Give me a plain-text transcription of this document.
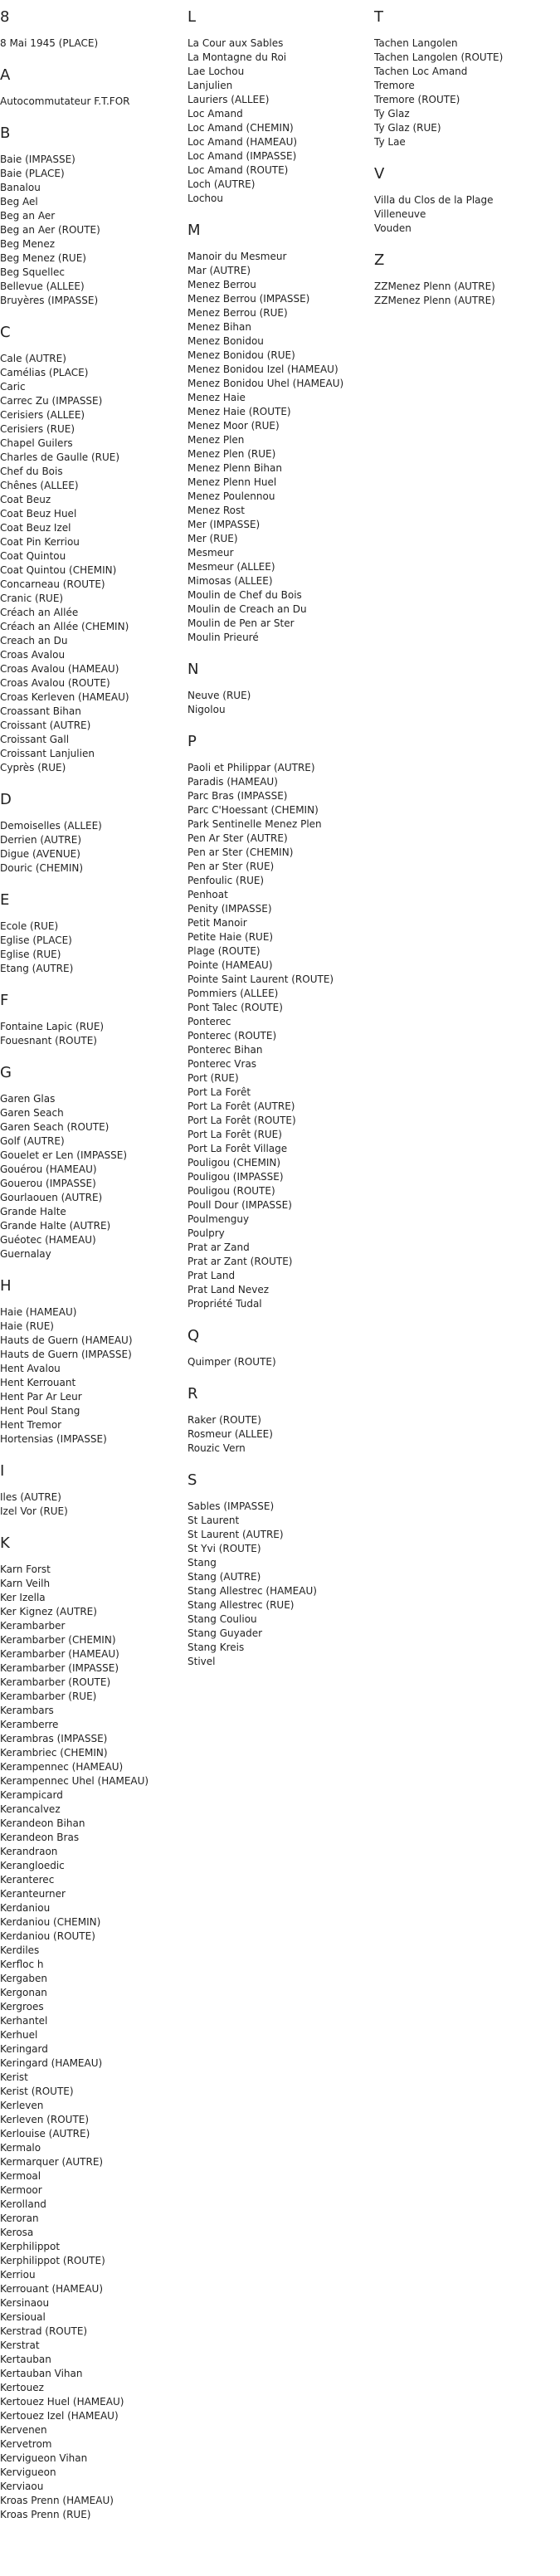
8
8 Mai 1945 (PLACE)
A
Autocommutateur F.T.FOR
B
Baie (IMPASSE)
Baie (PLACE)
Banalou
Beg Ael
Beg an Aer
Beg an Aer (ROUTE)
Beg Menez
Beg Menez (RUE)
Beg Squellec
Bellevue (ALLEE)
Bruyères (IMPASSE)
C
Cale (AUTRE)
Camélias (PLACE)
Caric
Carrec Zu (IMPASSE)
Cerisiers (ALLEE)
Cerisiers (RUE)
Chapel Guilers
Charles de Gaulle (RUE)
Chef du Bois
Chênes (ALLEE)
Coat Beuz
Coat Beuz Huel
Coat Beuz Izel
Coat Pin Kerriou
Coat Quintou
Coat Quintou (CHEMIN)
Concarneau (ROUTE)
Cranic (RUE)
Créach an Allée
Créach an Allée (CHEMIN)
Creach an Du
Croas Avalou
Croas Avalou (HAMEAU)
Croas Avalou (ROUTE)
Croas Kerleven (HAMEAU)
Croassant Bihan
Croissant (AUTRE)
Croissant Gall
Croissant Lanjulien
Cyprès (RUE)
D
Demoiselles (ALLEE)
Derrien (AUTRE)
Digue (AVENUE)
Douric (CHEMIN)
E
Ecole (RUE)
Eglise (PLACE)
Eglise (RUE)
Etang (AUTRE)
F
Fontaine Lapic (RUE)
Fouesnant (ROUTE)
G
Garen Glas
Garen Seach
Garen Seach (ROUTE)
Golf (AUTRE)
Gouelet er Len (IMPASSE)
Gouérou (HAMEAU)
Gouerou (IMPASSE)
Gourlaouen (AUTRE)
Grande Halte
Grande Halte (AUTRE)
Guéotec (HAMEAU)
Guernalay
H
Haie (HAMEAU)
Haie (RUE)
Hauts de Guern (HAMEAU)
Hauts de Guern (IMPASSE)
Hent Avalou
Hent Kerrouant
Hent Par Ar Leur
Hent Poul Stang
Hent Tremor
Hortensias (IMPASSE)
I
Iles (AUTRE)
Izel Vor (RUE)
K
Karn Forst
Karn Veilh
Ker Izella
Ker Kignez (AUTRE)
Kerambarber
Kerambarber (CHEMIN)
Kerambarber (HAMEAU)
Kerambarber (IMPASSE)
Kerambarber (ROUTE)
Kerambarber (RUE)
Kerambars
Keramberre
Kerambras (IMPASSE)
Kerambriec (CHEMIN)
Kerampennec (HAMEAU)
Kerampennec Uhel (HAMEAU)
Kerampicard
Kerancalvez
Kerandeon Bihan
Kerandeon Bras
Kerandraon
Kerangloedic
Keranterec
Keranteurner
Kerdaniou
Kerdaniou (CHEMIN)
Kerdaniou (ROUTE)
Kerdiles
Kerfloc h
Kergaben
Kergonan
Kergroes
Kerhantel
Kerhuel
Keringard
Keringard (HAMEAU)
Kerist
Kerist (ROUTE)
Kerleven
Kerleven (ROUTE)
Kerlouise (AUTRE)
Kermalo
Kermarquer (AUTRE)
Kermoal
Kermoor
Kerolland
Keroran
Kerosa
Kerphilippot
Kerphilippot (ROUTE)
Kerriou
Kerrouant (HAMEAU)
Kersinaou
Kersioual
Kerstrad (ROUTE)
Kerstrat
Kertauban
Kertauban Vihan
Kertouez
Kertouez Huel (HAMEAU)
Kertouez Izel (HAMEAU)
Kervenen
Kervetrom
Kervigueon Vihan
Kervigueon
Kerviaou
Kroas Prenn (HAMEAU)
Kroas Prenn (RUE)
L
La Cour aux Sables
La Montagne du Roi
Lae Lochou
Lanjulien
Lauriers (ALLEE)
Loc Amand
Loc Amand (CHEMIN)
Loc Amand (HAMEAU)
Loc Amand (IMPASSE)
Loc Amand (ROUTE)
Loch (AUTRE)
Lochou
M
Manoir du Mesmeur
Mar (AUTRE)
Menez Berrou
Menez Berrou (IMPASSE)
Menez Berrou (RUE)
Menez Bihan
Menez Bonidou
Menez Bonidou (RUE)
Menez Bonidou Izel (HAMEAU)
Menez Bonidou Uhel (HAMEAU)
Menez Haie
Menez Haie (ROUTE)
Menez Moor (RUE)
Menez Plen
Menez Plen (RUE)
Menez Plenn Bihan
Menez Plenn Huel
Menez Poulennou
Menez Rost
Mer (IMPASSE)
Mer (RUE)
Mesmeur
Mesmeur (ALLEE)
Mimosas (ALLEE)
Moulin de Chef du Bois
Moulin de Creach an Du
Moulin de Pen ar Ster
Moulin Prieuré
N
Neuve (RUE)
Nigolou
P
Paoli et Philippar (AUTRE)
Paradis (HAMEAU)
Parc Bras (IMPASSE)
Parc C'Hoessant (CHEMIN)
Park Sentinelle Menez Plen
Pen Ar Ster (AUTRE)
Pen ar Ster (CHEMIN)
Pen ar Ster (RUE)
Penfoulic (RUE)
Penhoat
Penity (IMPASSE)
Petit Manoir
Petite Haie (RUE)
Plage (ROUTE)
Pointe (HAMEAU)
Pointe Saint Laurent (ROUTE)
Pommiers (ALLEE)
Pont Talec (ROUTE)
Ponterec
Ponterec (ROUTE)
Ponterec Bihan
Ponterec Vras
Port (RUE)
Port La Forêt
Port La Forêt (AUTRE)
Port La Forêt (ROUTE)
Port La Forêt (RUE)
Port La Forêt Village
Pouligou (CHEMIN)
Pouligou (IMPASSE)
Pouligou (ROUTE)
Poull Dour (IMPASSE)
Poulmenguy
Poulpry
Prat ar Zand
Prat ar Zant (ROUTE)
Prat Land
Prat Land Nevez
Propriété Tudal
Q
Quimper (ROUTE)
R
Raker (ROUTE)
Rosmeur (ALLEE)
Rouzic Vern
S
Sables (IMPASSE)
St Laurent
St Laurent (AUTRE)
St Yvi (ROUTE)
Stang
Stang (AUTRE)
Stang Allestrec (HAMEAU)
Stang Allestrec (RUE)
Stang Couliou
Stang Guyader
Stang Kreis
Stivel
T
Tachen Langolen
Tachen Langolen (ROUTE)
Tachen Loc Amand
Tremore
Tremore (ROUTE)
Ty Glaz
Ty Glaz (RUE)
Ty Lae
V
Villa du Clos de la Plage
Villeneuve
Vouden
Z
ZZMenez Plenn (AUTRE)
ZZMenez Plenn (AUTRE)
